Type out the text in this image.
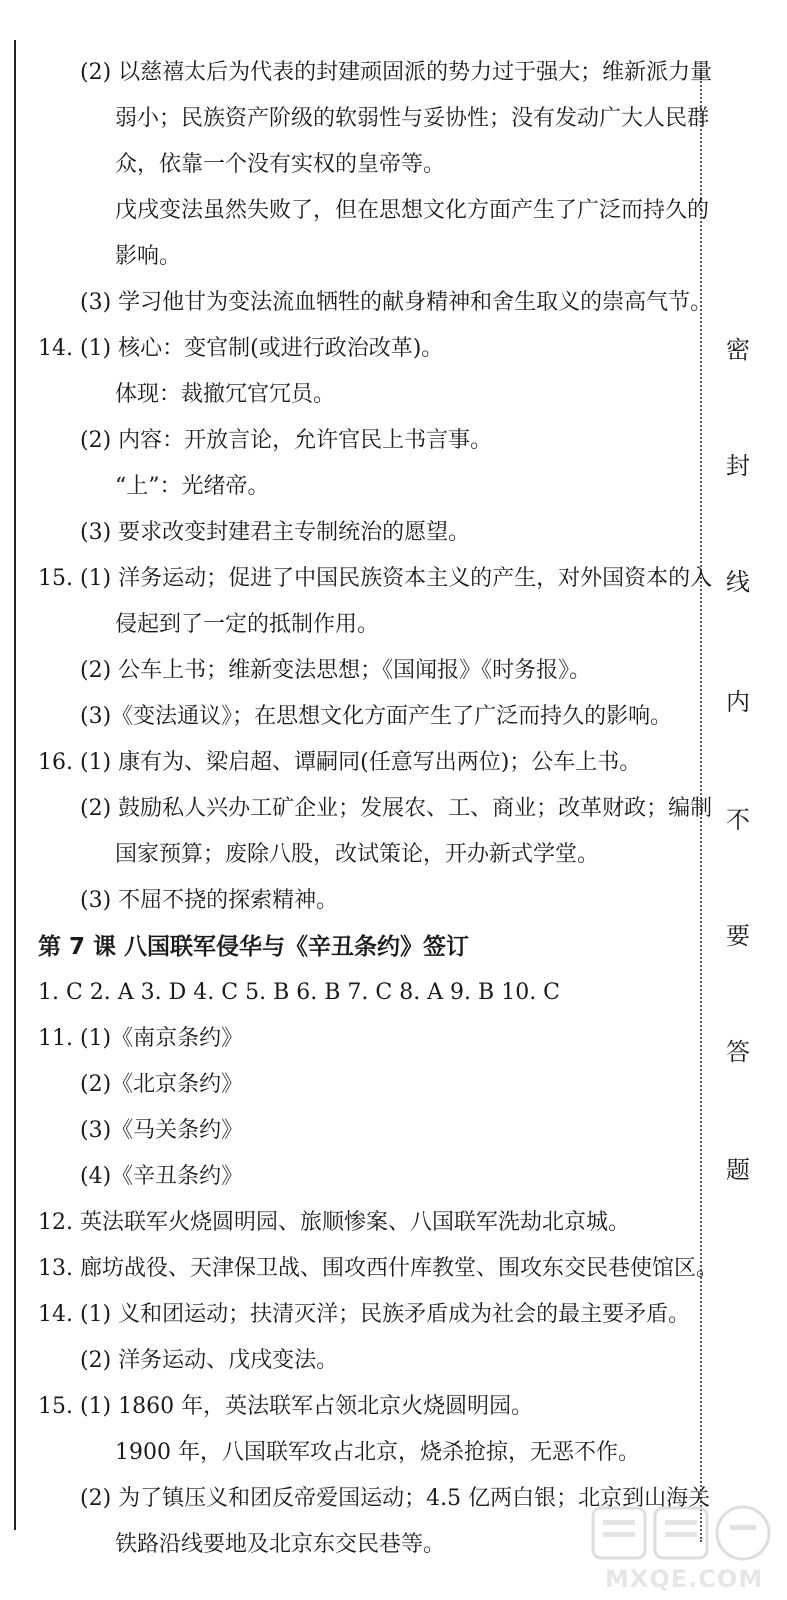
(2) 以慈禧太后为代表的封建顽固派的势力过于强大；维新派力量
弱小；民族资产阶级的软弱性与妥协性；没有发动广大人民群
众，依靠一个没有实权的皇帝等。
戊戌变法虽然失败了，但在思想文化方面产生了广泛而持久的
影响。
(3) 学习他甘为变法流血牺牲的献身精神和舍生取义的崇高气节。
14. (1) 核心：变官制(或进行政治改革)。
体现：裁撤冗官冗员。
(2) 内容：开放言论，允许官民上书言事。
“上”：光绪帝。
(3) 要求改变封建君主专制统治的愿望。
15. (1) 洋务运动；促进了中国民族资本主义的产生，对外国资本的入
侵起到了一定的抵制作用。
(2) 公车上书；维新变法思想；《国闻报》《时务报》。
(3)《变法通议》；在思想文化方面产生了广泛而持久的影响。
16. (1) 康有为、梁启超、谭嗣同(任意写出两位)；公车上书。
(2) 鼓励私人兴办工矿企业；发展农、工、商业；改革财政；编制
国家预算；废除八股，改试策论，开办新式学堂。
(3) 不屈不挠的探索精神。
第 7 课 八国联军侵华与《辛丑条约》签订
1. C 2. A 3. D 4. C 5. B 6. B 7. C 8. A 9. B 10. C
11. (1)《南京条约》
(2)《北京条约》
(3)《马关条约》
(4)《辛丑条约》
12. 英法联军火烧圆明园、旅顺惨案、八国联军洗劫北京城。
13. 廊坊战役、天津保卫战、围攻西什库教堂、围攻东交民巷使馆区。
14. (1) 义和团运动；扶清灭洋；民族矛盾成为社会的最主要矛盾。
(2) 洋务运动、戊戌变法。
15. (1) 1860 年，英法联军占领北京火烧圆明园。
1900 年，八国联军攻占北京，烧杀抢掠，无恶不作。
(2) 为了镇压义和团反帝爱国运动；4.5 亿两白银；北京到山海关
铁路沿线要地及北京东交民巷等。
密
封
线
内
不
要
答
题
MXQE.COM
